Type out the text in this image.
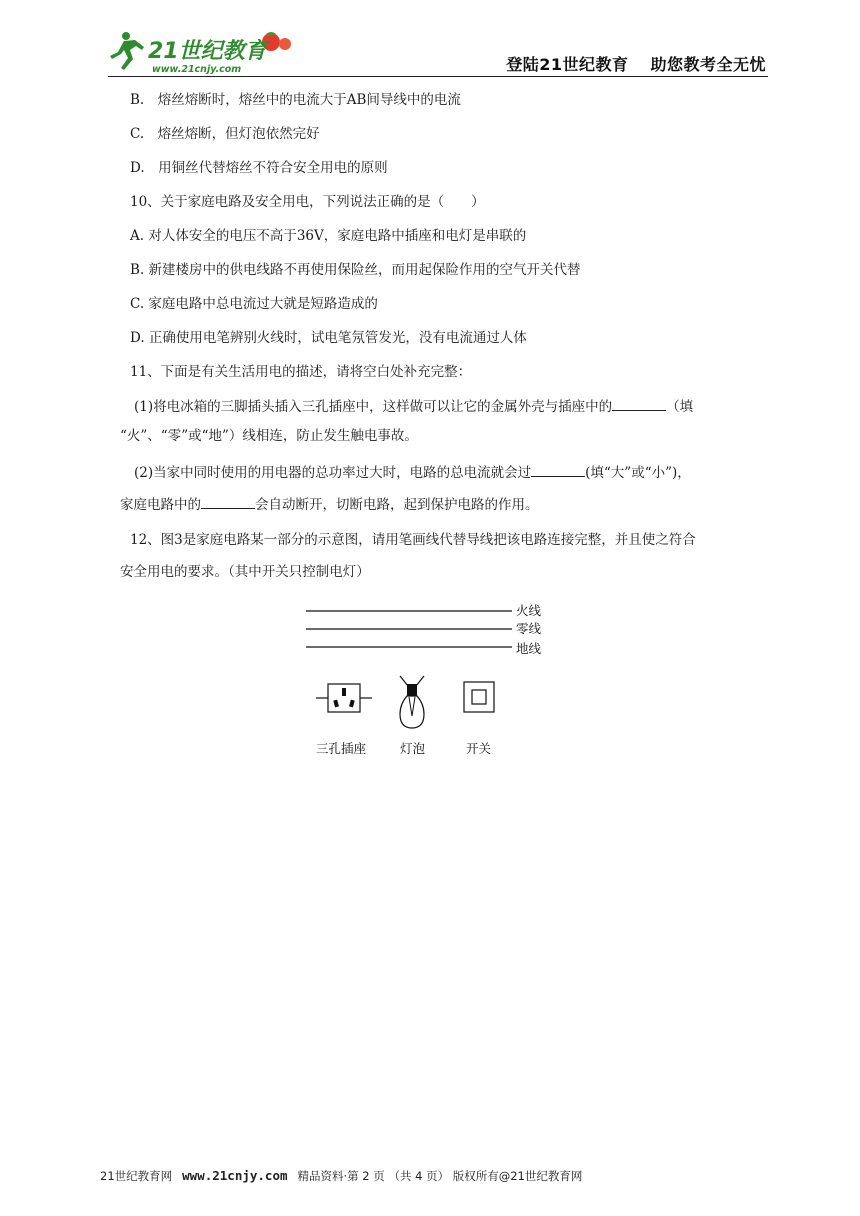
21世纪教育
www.21cnjy.com	登陆21世纪教育 助您教考全无忧
B.　熔丝熔断时，熔丝中的电流大于AB间导线中的电流
C.　熔丝熔断，但灯泡依然完好
D.　用铜丝代替熔丝不符合安全用电的原则
10、关于家庭电路及安全用电，下列说法正确的是（　　）
A. 对人体安全的电压不高于36V，家庭电路中插座和电灯是串联的
B. 新建楼房中的供电线路不再使用保险丝，而用起保险作用的空气开关代替
C. 家庭电路中总电流过大就是短路造成的
D. 正确使用电笔辨别火线时，试电笔氖管发光，没有电流通过人体
11、下面是有关生活用电的描述，请将空白处补充完整：
(1)将电冰箱的三脚插头插入三孔插座中，这样做可以让它的金属外壳与插座中的	（填
“火”、“零”或“地”）线相连，防止发生触电事故。
(2)当家中同时使用的用电器的总功率过大时，电路的总电流就会过	(填“大”或“小”)，
家庭电路中的	会自动断开，切断电路，起到保护电路的作用。
12、图3是家庭电路某一部分的示意图，请用笔画线代替导线把该电路连接完整，并且使之符合
安全用电的要求。（其中开关只控制电灯）
火线
零线
地线
三孔插座	灯泡	开关
21世纪教育网 www.21cnjy.com 精品资料·第 2 页 （共 4 页） 版权所有@21世纪教育网
